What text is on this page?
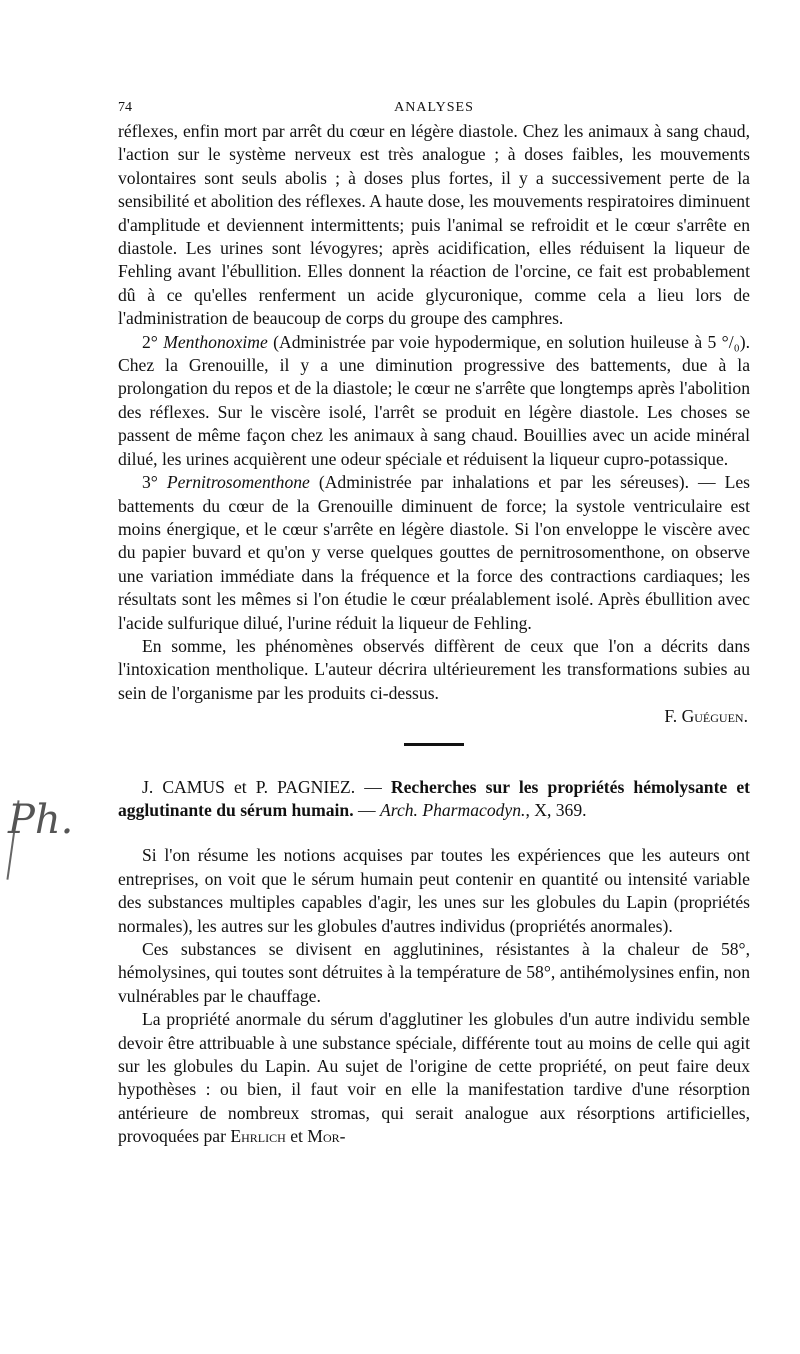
Ph.
74	ANALYSES

réflexes, enfin mort par arrêt du cœur en légère diastole. Chez les animaux à sang chaud, l'action sur le système nerveux est très analogue ; à doses faibles, les mouvements volontaires sont seuls abolis ; à doses plus fortes, il y a successivement perte de la sensibilité et abolition des réflexes. A haute dose, les mouvements respiratoires diminuent d'amplitude et deviennent intermittents; puis l'animal se refroidit et le cœur s'arrête en diastole. Les urines sont lévogyres; après acidification, elles réduisent la liqueur de Fehling avant l'ébullition. Elles donnent la réaction de l'orcine, ce fait est probablement dû à ce qu'elles renferment un acide glycuronique, comme cela a lieu lors de l'administration de beaucoup de corps du groupe des camphres.

2° Menthonoxime (Administrée par voie hypodermique, en solution huileuse à 5 °/₀). Chez la Grenouille, il y a une diminution progressive des battements, due à la prolongation du repos et de la diastole; le cœur ne s'arrête que longtemps après l'abolition des réflexes. Sur le viscère isolé, l'arrêt se produit en légère diastole. Les choses se passent de même façon chez les animaux à sang chaud. Bouillies avec un acide minéral dilué, les urines acquièrent une odeur spéciale et réduisent la liqueur cupro-potassique.

3° Pernitrosomenthone (Administrée par inhalations et par les séreuses). — Les battements du cœur de la Grenouille diminuent de force; la systole ventriculaire est moins énergique, et le cœur s'arrête en légère diastole. Si l'on enveloppe le viscère avec du papier buvard et qu'on y verse quelques gouttes de pernitrosomenthone, on observe une variation immédiate dans la fréquence et la force des contractions cardiaques; les résultats sont les mêmes si l'on étudie le cœur préalablement isolé. Après ébullition avec l'acide sulfurique dilué, l'urine réduit la liqueur de Fehling.

En somme, les phénomènes observés diffèrent de ceux que l'on a décrits dans l'intoxication mentholique. L'auteur décrira ultérieurement les transformations subies au sein de l'organisme par les produits ci-dessus.

F. Guéguen.

J. CAMUS et P. PAGNIEZ. — Recherches sur les propriétés hémolysante et agglutinante du sérum humain. — Arch. Pharmacodyn., X, 369.

Si l'on résume les notions acquises par toutes les expériences que les auteurs ont entreprises, on voit que le sérum humain peut contenir en quantité ou intensité variable des substances multiples capables d'agir, les unes sur les globules du Lapin (propriétés normales), les autres sur les globules d'autres individus (propriétés anormales).

Ces substances se divisent en agglutinines, résistantes à la chaleur de 58°, hémolysines, qui toutes sont détruites à la température de 58°, antihémolysines enfin, non vulnérables par le chauffage.

La propriété anormale du sérum d'agglutiner les globules d'un autre individu semble devoir être attribuable à une substance spéciale, différente tout au moins de celle qui agit sur les globules du Lapin. Au sujet de l'origine de cette propriété, on peut faire deux hypothèses : ou bien, il faut voir en elle la manifestation tardive d'une résorption antérieure de nombreux stromas, qui serait analogue aux résorptions artificielles, provoquées par Ehrlich et Mor-
